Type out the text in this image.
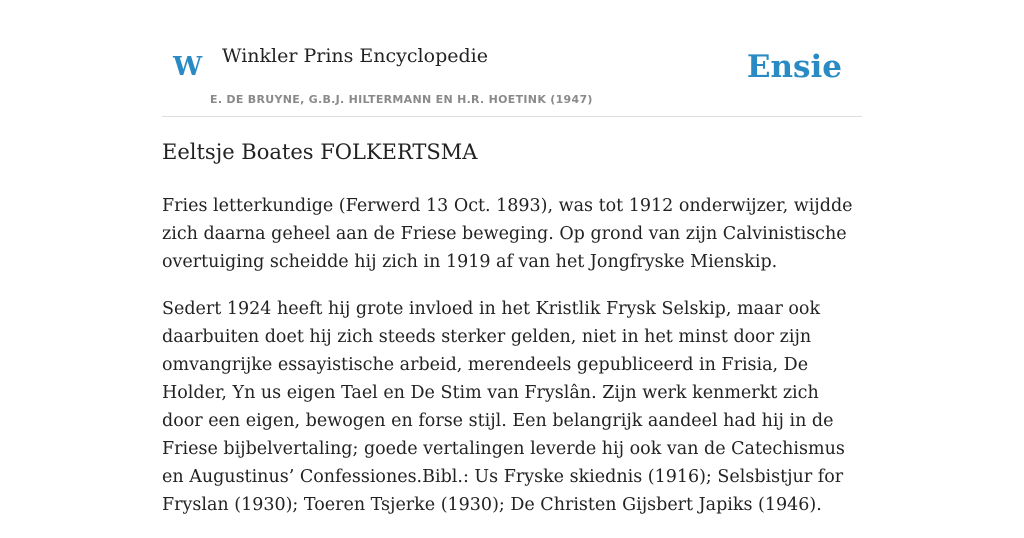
W Winkler Prins Encyclopedie
E. DE BRUYNE, G.B.J. HILTERMANN EN H.R. HOETINK (1947)
Ensie
Eeltsje Boates FOLKERTSMA

Fries letterkundige (Ferwerd 13 Oct. 1893), was tot 1912 onderwijzer, wijdde zich daarna geheel aan de Friese beweging. Op grond van zijn Calvinistische overtuiging scheidde hij zich in 1919 af van het Jongfryske Mienskip.

Sedert 1924 heeft hij grote invloed in het Kristlik Frysk Selskip, maar ook daarbuiten doet hij zich steeds sterker gelden, niet in het minst door zijn omvangrijke essayistische arbeid, merendeels gepubliceerd in Frisia, De Holder, Yn us eigen Tael en De Stim van Fryslân. Zijn werk kenmerkt zich door een eigen, bewogen en forse stijl. Een belangrijk aandeel had hij in de Friese bijbelvertaling; goede vertalingen leverde hij ook van de Catechismus en Augustinus’ Confessiones.Bibl.: Us Fryske skiednis (1916); Selsbistjur for Fryslan (1930); Toeren Tsjerke (1930); De Christen Gijsbert Japiks (1946).
